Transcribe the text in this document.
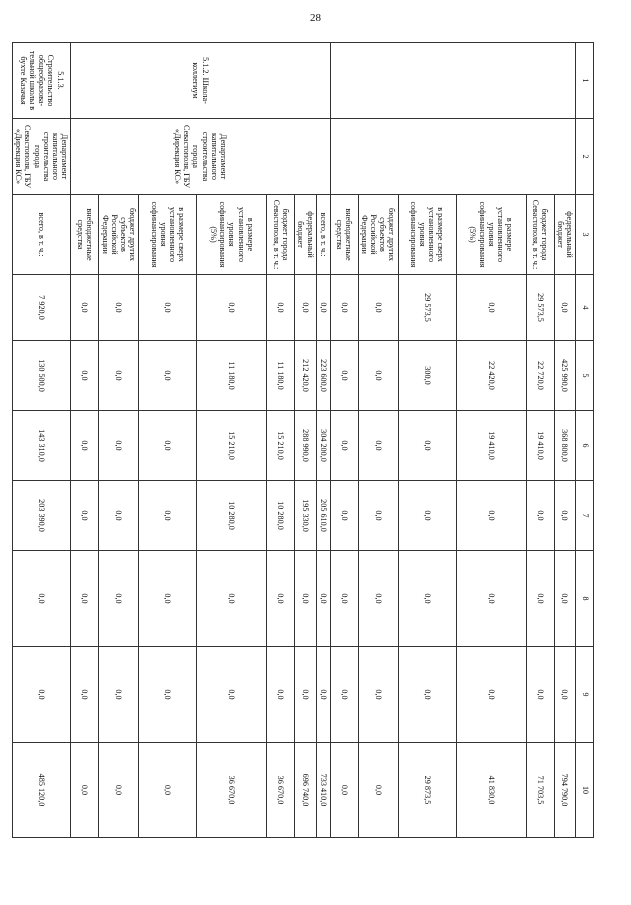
28
1	2	3	4	5	6	7	8	9	10
		федеральный бюджет	0,0	425 990,0	368 800,0	0,0	0,0	0,0	794 790,0
		бюджет города Севастополя, в т. ч.:	29 573,5	22 720,0	19 410,0	0,0	0,0	0,0	71 703,5
		в размере установленного уровня софинансирования (5%)	0,0	22 420,0	19 410,0	0,0	0,0	0,0	41 830,0
		в размере сверх установленного уровня софинансирования	29 573,5	300,0	0,0	0,0	0,0	0,0	29 873,5
		бюджет других субъектов Российской Федерации	0,0	0,0	0,0	0,0	0,0	0,0	0,0
		внебюджетные средства	0,0	0,0	0,0	0,0	0,0	0,0	0,0
5.1.2. Школа-коллегиум	Департамент капитального строительства города Севастополя, ГБУ «Дирекция КС»	всего, в т. ч.:	0,0	223 600,0	304 200,0	205 610,0	0,0	0,0	733 410,0
		федеральный бюджет	0,0	212 420,0	288 990,0	195 330,0	0,0	0,0	696 740,0
		бюджет города Севастополя, в т. ч.:	0,0	11 180,0	15 210,0	10 280,0	0,0	0,0	36 670,0
		в размере установленного уровня софинансирования (5%)	0,0	11 180,0	15 210,0	10 280,0	0,0	0,0	36 670,0
		в размере сверх установленного уровня софинансирования	0,0	0,0	0,0	0,0	0,0	0,0	0,0
		бюджет других субъектов Российской Федерации	0,0	0,0	0,0	0,0	0,0	0,0	0,0
		внебюджетные средства	0,0	0,0	0,0	0,0	0,0	0,0	0,0
5.1.3. Строительство общеобразова-тельной школы в бухте Казачья	Департамент капитального строительства города Севастополя, ГБУ «Дирекция КС»	всего, в т. ч.:	7 920,0	130 500,0	143 310,0	203 390,0	0,0	0,0	485 120,0
